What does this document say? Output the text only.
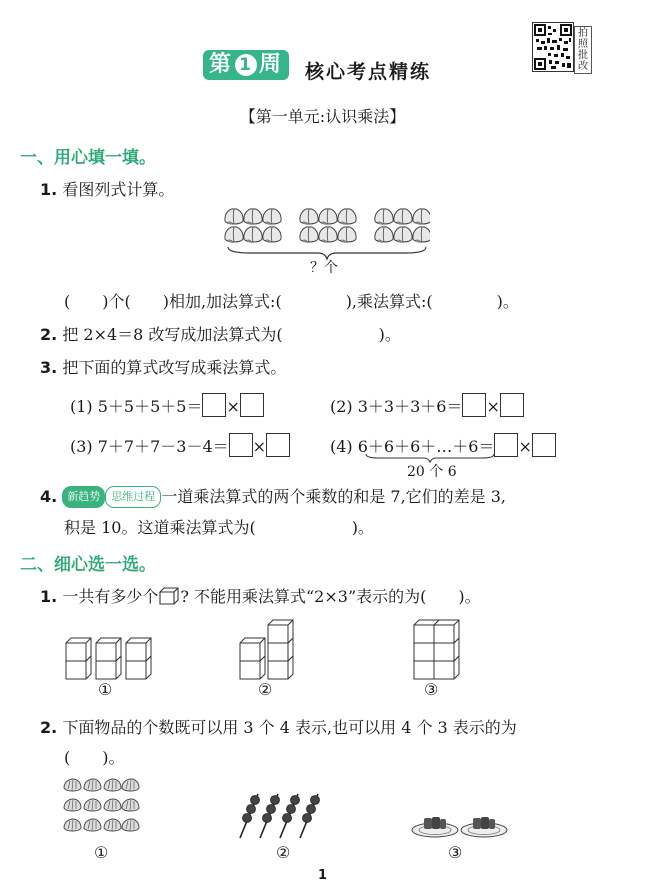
第 1 周	核心考点精练
拍照批改
【第一单元:认识乘法】
一、用心填一填。
1. 看图列式计算。
？个
(　　)个(　　)相加,加法算式:(　　　　),乘法算式:(　　　　)。
2. 把 2×4＝8 改写成加法算式为(　　　　　　)。
3. 把下面的算式改写成乘法算式。
(1) 5＋5＋5＋5＝ ×	(2) 3＋3＋3＋6＝ ×
(3) 7＋7＋7－3－4＝ ×	(4) 6＋6＋6＋…＋6＝ ×
20 个 6
4. 新趋势 思维过程 一道乘法算式的两个乘数的和是 7,它们的差是 3,
积是 10。这道乘法算式为(　　　　　　)。
二、细心选一选。
1. 一共有多少个 ? 不能用乘法算式“2×3”表示的为(　　)。
①	②	③
2. 下面物品的个数既可以用 3 个 4 表示,也可以用 4 个 3 表示的为
(　　)。
①	②	③
1
